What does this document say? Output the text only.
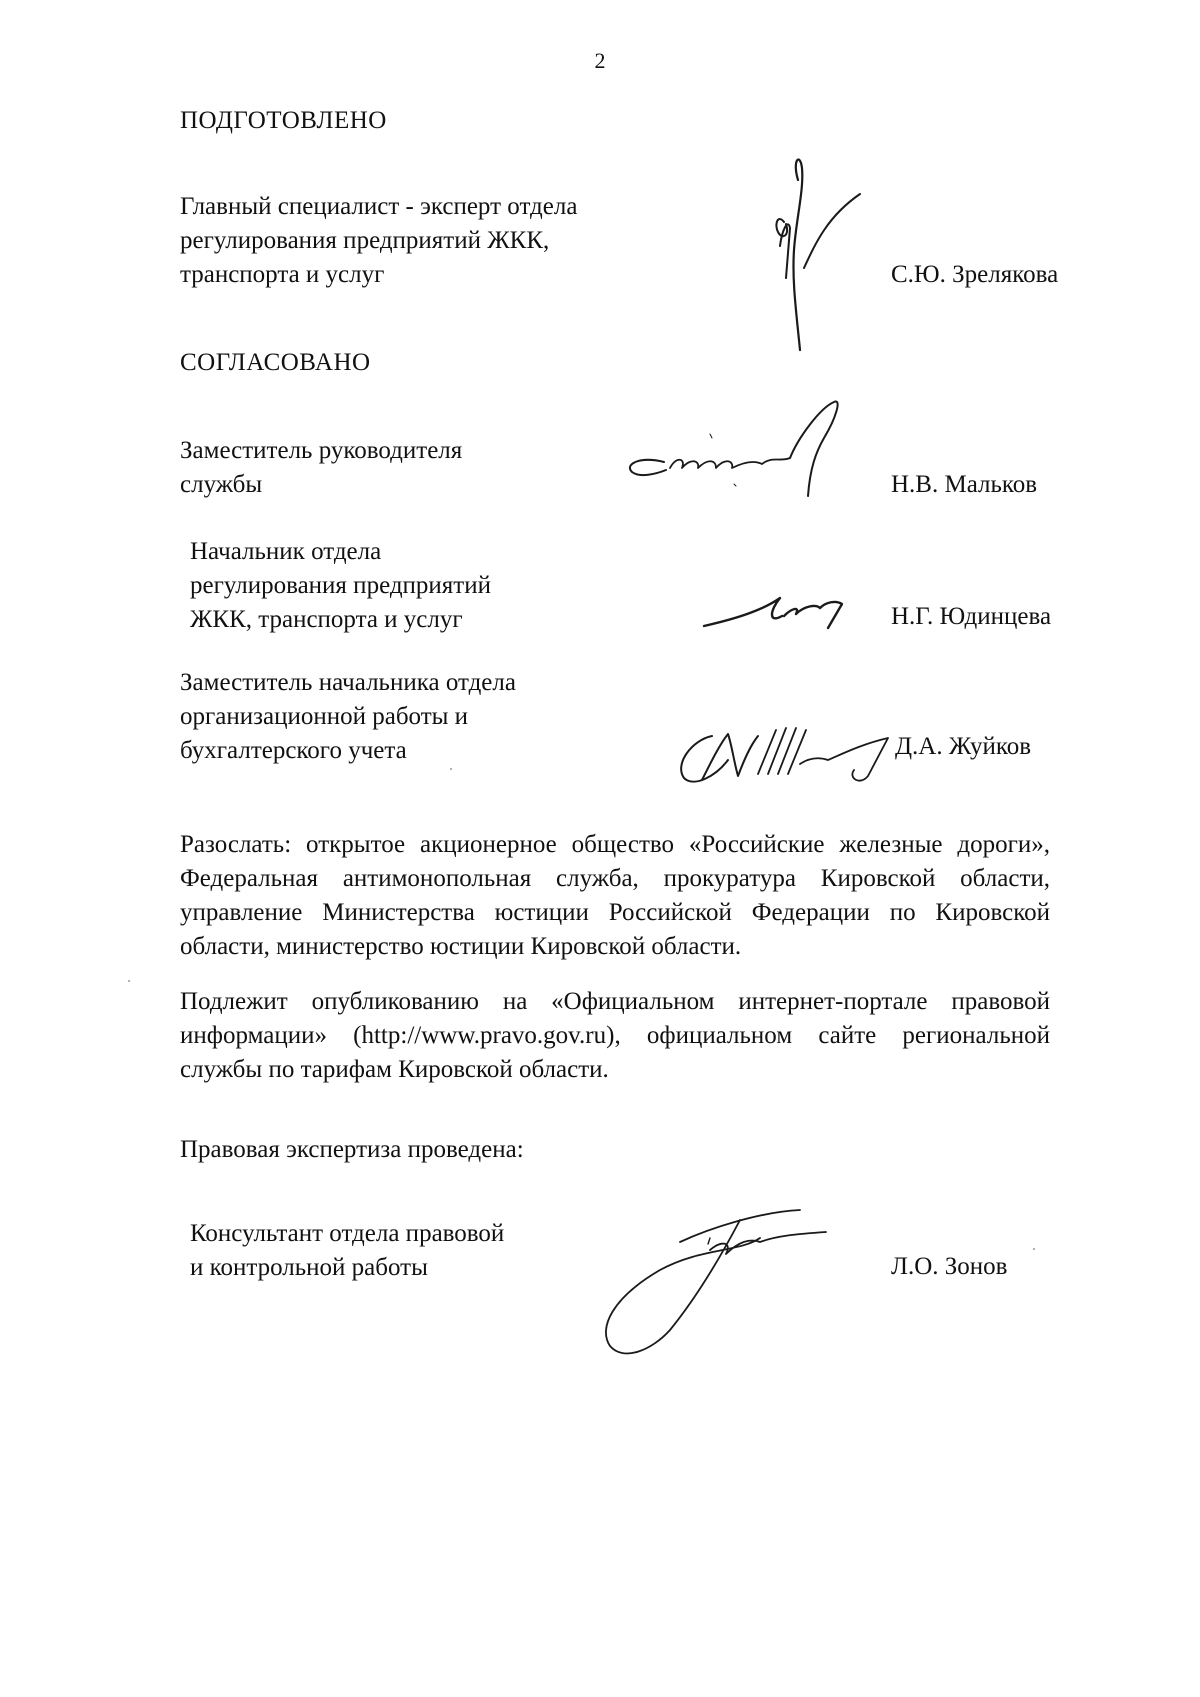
2
ПОДГОТОВЛЕНО
Главный специалист - эксперт отдела
регулирования предприятий ЖКК,
транспорта и услуг	С.Ю. Зрелякова
СОГЛАСОВАНО
Заместитель руководителя
службы	Н.В. Мальков
Начальник отдела
регулирования предприятий
ЖКК, транспорта и услуг	Н.Г. Юдинцева
Заместитель начальника отдела
организационной работы и
бухгалтерского учета	Д.А. Жуйков
Разослать: открытое акционерное общество «Российские железные дороги», Федеральная антимонопольная служба, прокуратура Кировской области, управление Министерства юстиции Российской Федерации по Кировской области, министерство юстиции Кировской области.
Подлежит опубликованию на «Официальном интернет-портале правовой информации» (http://www.pravo.gov.ru), официальном сайте региональной службы по тарифам Кировской области.
Правовая экспертиза проведена:
Консультант отдела правовой
и контрольной работы	Л.О. Зонов
